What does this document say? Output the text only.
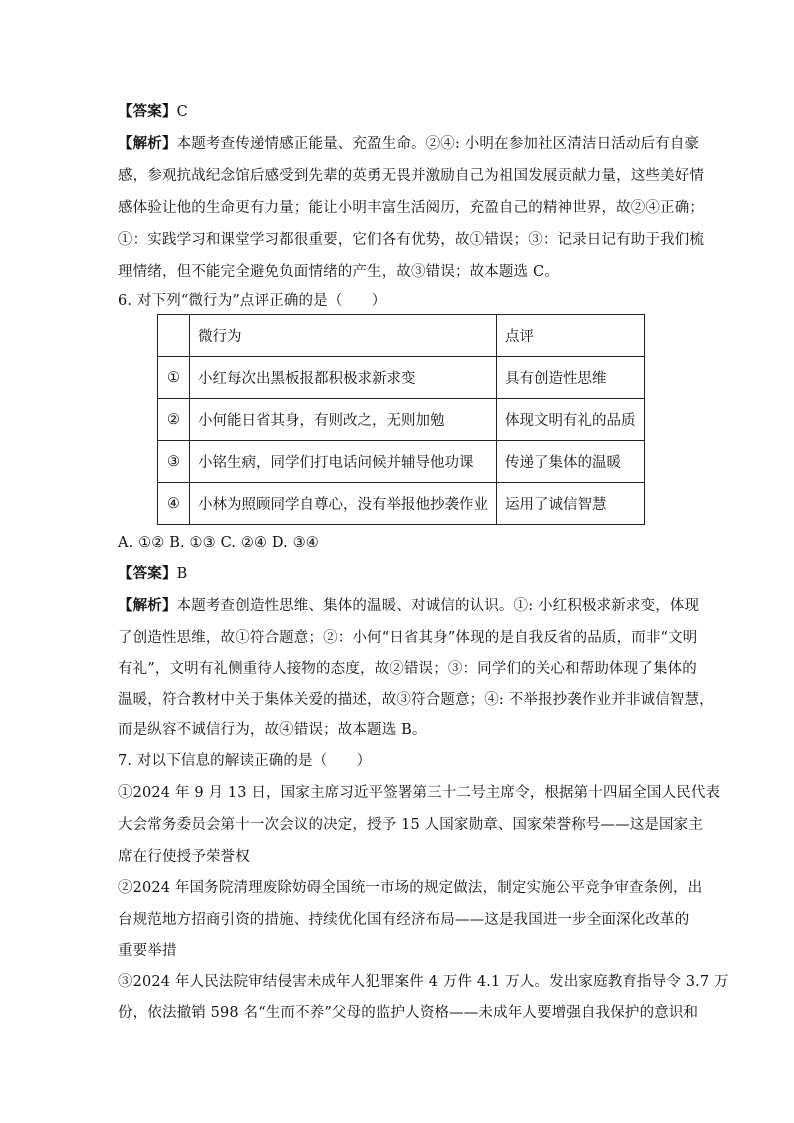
【答案】C
【解析】本题考查传递情感正能量、充盈生命。②④: 小明在参加社区清洁日活动后有自豪
感，参观抗战纪念馆后感受到先辈的英勇无畏并激励自己为祖国发展贡献力量，这些美好情
感体验让他的生命更有力量；能让小明丰富生活阅历，充盈自己的精神世界，故②④正确；
①：实践学习和课堂学习都很重要，它们各有优势，故①错误；③：记录日记有助于我们梳
理情绪，但不能完全避免负面情绪的产生，故③错误；故本题选 C。
6. 对下列“微行为”点评正确的是（　　）
	微行为	点评
①	小红每次出黑板报都积极求新求变	具有创造性思维
②	小何能日省其身，有则改之，无则加勉	体现文明有礼的品质
③	小铭生病，同学们打电话问候并辅导他功课	传递了集体的温暖
④	小林为照顾同学自尊心，没有举报他抄袭作业	运用了诚信智慧
A. ①② B. ①③ C. ②④ D. ③④
【答案】B
【解析】本题考查创造性思维、集体的温暖、对诚信的认识。①: 小红积极求新求变，体现
了创造性思维，故①符合题意；②：小何“日省其身”体现的是自我反省的品质，而非“文明
有礼”，文明有礼侧重待人接物的态度，故②错误；③：同学们的关心和帮助体现了集体的
温暖，符合教材中关于集体关爱的描述，故③符合题意；④: 不举报抄袭作业并非诚信智慧，
而是纵容不诚信行为，故④错误；故本题选 B。
7. 对以下信息的解读正确的是（　　）
①2024 年 9 月 13 日，国家主席习近平签署第三十二号主席令，根据第十四届全国人民代表
大会常务委员会第十一次会议的决定，授予 15 人国家勋章、国家荣誉称号——这是国家主
席在行使授予荣誉权
②2024 年国务院清理废除妨碍全国统一市场的规定做法，制定实施公平竞争审查条例，出
台规范地方招商引资的措施、持续优化国有经济布局——这是我国进一步全面深化改革的
重要举措
③2024 年人民法院审结侵害未成年人犯罪案件 4 万件 4.1 万人。发出家庭教育指导令 3.7 万
份，依法撤销 598 名“生而不养”父母的监护人资格——未成年人要增强自我保护的意识和
